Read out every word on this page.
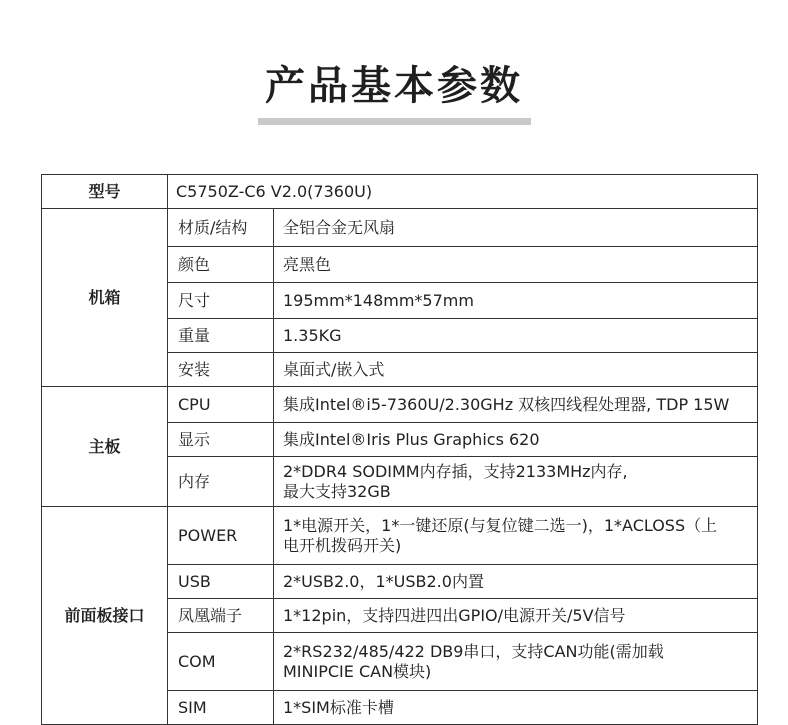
产品基本参数
型号	C5750Z-C6 V2.0(7360U)	
机箱	材质/结构	全铝合金无风扇
	颜色	亮黑色
	尺寸	195mm*148mm*57mm
	重量	1.35KG
	安装	桌面式/嵌入式
主板	CPU	集成Intel®i5-7360U/2.30GHz 双核四线程处理器, TDP 15W
	显示	集成Intel®Iris Plus Graphics 620
	内存	2*DDR4 SODIMM内存插，支持2133MHz内存,
最大支持32GB

前面板接口	POWER	1*电源开关，1*一键还原(与复位键二选一)，1*ACLOSS（上
电开机拨码开关)

	USB	2*USB2.0，1*USB2.0内置
	凤凰端子	1*12pin，支持四进四出GPIO/电源开关/5V信号
	COM	2*RS232/485/422 DB9串口，支持CAN功能(需加载
MINIPCIE CAN模块)

	SIM	1*SIM标准卡槽
